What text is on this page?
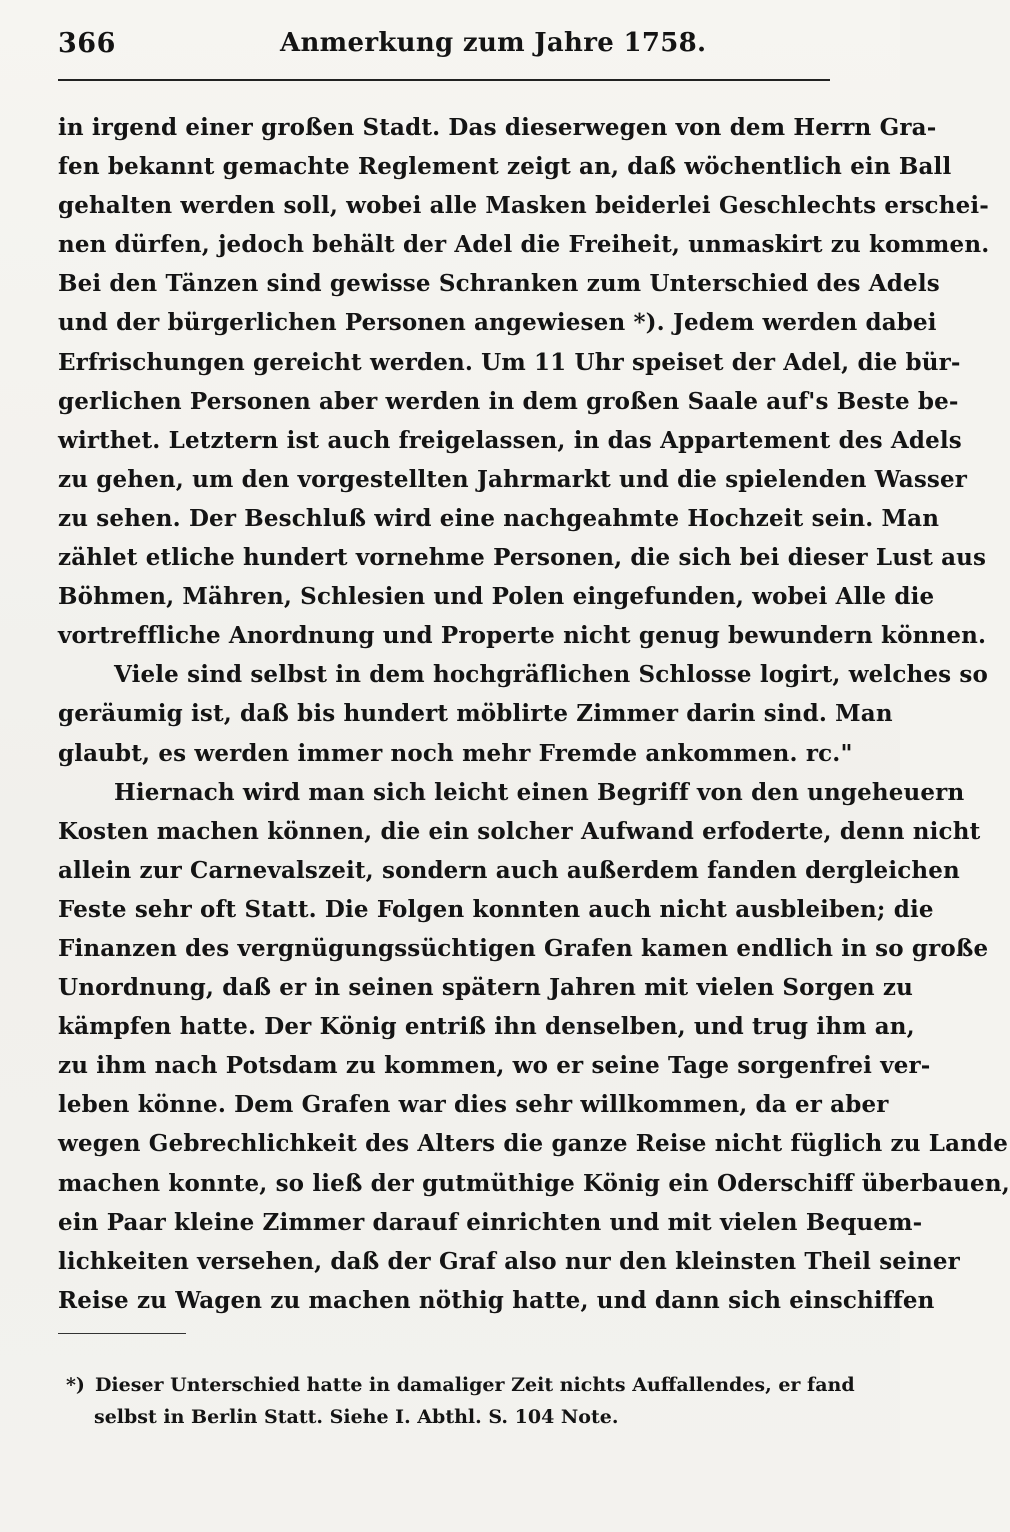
366	Anmerkung zum Jahre 1758.
in irgend einer großen Stadt. Das dieserwegen von dem Herrn Gra-
fen bekannt gemachte Reglement zeigt an, daß wöchentlich ein Ball
gehalten werden soll, wobei alle Masken beiderlei Geschlechts erschei-
nen dürfen, jedoch behält der Adel die Freiheit, unmaskirt zu kommen.
Bei den Tänzen sind gewisse Schranken zum Unterschied des Adels
und der bürgerlichen Personen angewiesen *). Jedem werden dabei
Erfrischungen gereicht werden. Um 11 Uhr speiset der Adel, die bür-
gerlichen Personen aber werden in dem großen Saale auf's Beste be-
wirthet. Letztern ist auch freigelassen, in das Appartement des Adels
zu gehen, um den vorgestellten Jahrmarkt und die spielenden Wasser
zu sehen. Der Beschluß wird eine nachgeahmte Hochzeit sein. Man
zählet etliche hundert vornehme Personen, die sich bei dieser Lust aus
Böhmen, Mähren, Schlesien und Polen eingefunden, wobei Alle die
vortreffliche Anordnung und Properte nicht genug bewundern können.
Viele sind selbst in dem hochgräflichen Schlosse logirt, welches so
geräumig ist, daß bis hundert möblirte Zimmer darin sind. Man
glaubt, es werden immer noch mehr Fremde ankommen. rc."
Hiernach wird man sich leicht einen Begriff von den ungeheuern
Kosten machen können, die ein solcher Aufwand erfoderte, denn nicht
allein zur Carnevalszeit, sondern auch außerdem fanden dergleichen
Feste sehr oft Statt. Die Folgen konnten auch nicht ausbleiben; die
Finanzen des vergnügungssüchtigen Grafen kamen endlich in so große
Unordnung, daß er in seinen spätern Jahren mit vielen Sorgen zu
kämpfen hatte. Der König entriß ihn denselben, und trug ihm an,
zu ihm nach Potsdam zu kommen, wo er seine Tage sorgenfrei ver-
leben könne. Dem Grafen war dies sehr willkommen, da er aber
wegen Gebrechlichkeit des Alters die ganze Reise nicht füglich zu Lande
machen konnte, so ließ der gutmüthige König ein Oderschiff überbauen,
ein Paar kleine Zimmer darauf einrichten und mit vielen Bequem-
lichkeiten versehen, daß der Graf also nur den kleinsten Theil seiner
Reise zu Wagen zu machen nöthig hatte, und dann sich einschiffen
*) Dieser Unterschied hatte in damaliger Zeit nichts Auffallendes, er fand
selbst in Berlin Statt. Siehe I. Abthl. S. 104 Note.
